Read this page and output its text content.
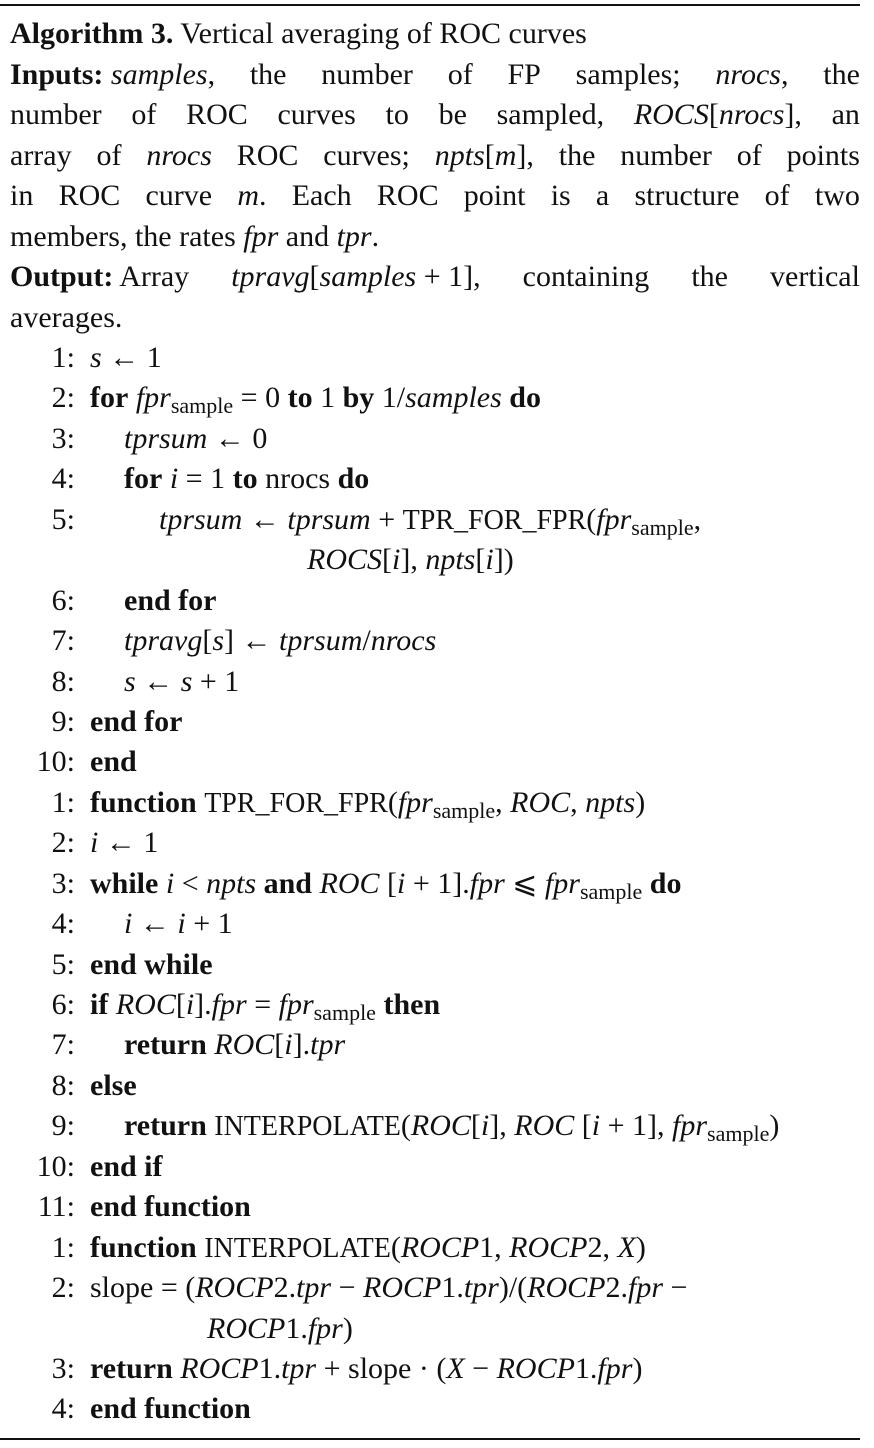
Algorithm 3. Vertical averaging of ROC curves
Inputs: samples, the number of FP samples; nrocs, the
number of ROC curves to be sampled, ROCS[nrocs], an
array of nrocs ROC curves; npts[m], the number of points
in ROC curve m. Each ROC point is a structure of two
members, the rates fpr and tpr.
Output: Array tpravg[samples + 1], containing the vertical
averages.
1: s ← 1
2: for fpr$_{sample}$ = 0 to 1 by 1/samples do
3: tprsum ← 0
4: for i = 1 to nrocs do
5:	tprsum ← tprsum + TPR_FOR_FPR(fpr$_{sample}$,
ROCS[i], npts[i])
6: end for
7: tpravg[s] ← tprsum/nrocs
8: s ← s + 1
9: end for
10: end
1: function TPR_FOR_FPR(fpr$_{sample}$, ROC, npts)
2: i ← 1
3: while i < npts and ROC [i + 1].fpr ⩽ fpr$_{sample}$ do
4: i ← i + 1
5: end while
6: if ROC[i].fpr = fpr$_{sample}$ then
7: return ROC[i].tpr
8: else
9: return INTERPOLATE(ROC[i], ROC [i + 1], fpr$_{sample}$)
10: end if
11: end function
1: function INTERPOLATE(ROCP1, ROCP2, X)
2: slope = (ROCP2.tpr − ROCP1.tpr)/(ROCP2.fpr −
ROCP1.fpr)
3: return ROCP1.tpr + slope · (X − ROCP1.fpr)
4: end function
